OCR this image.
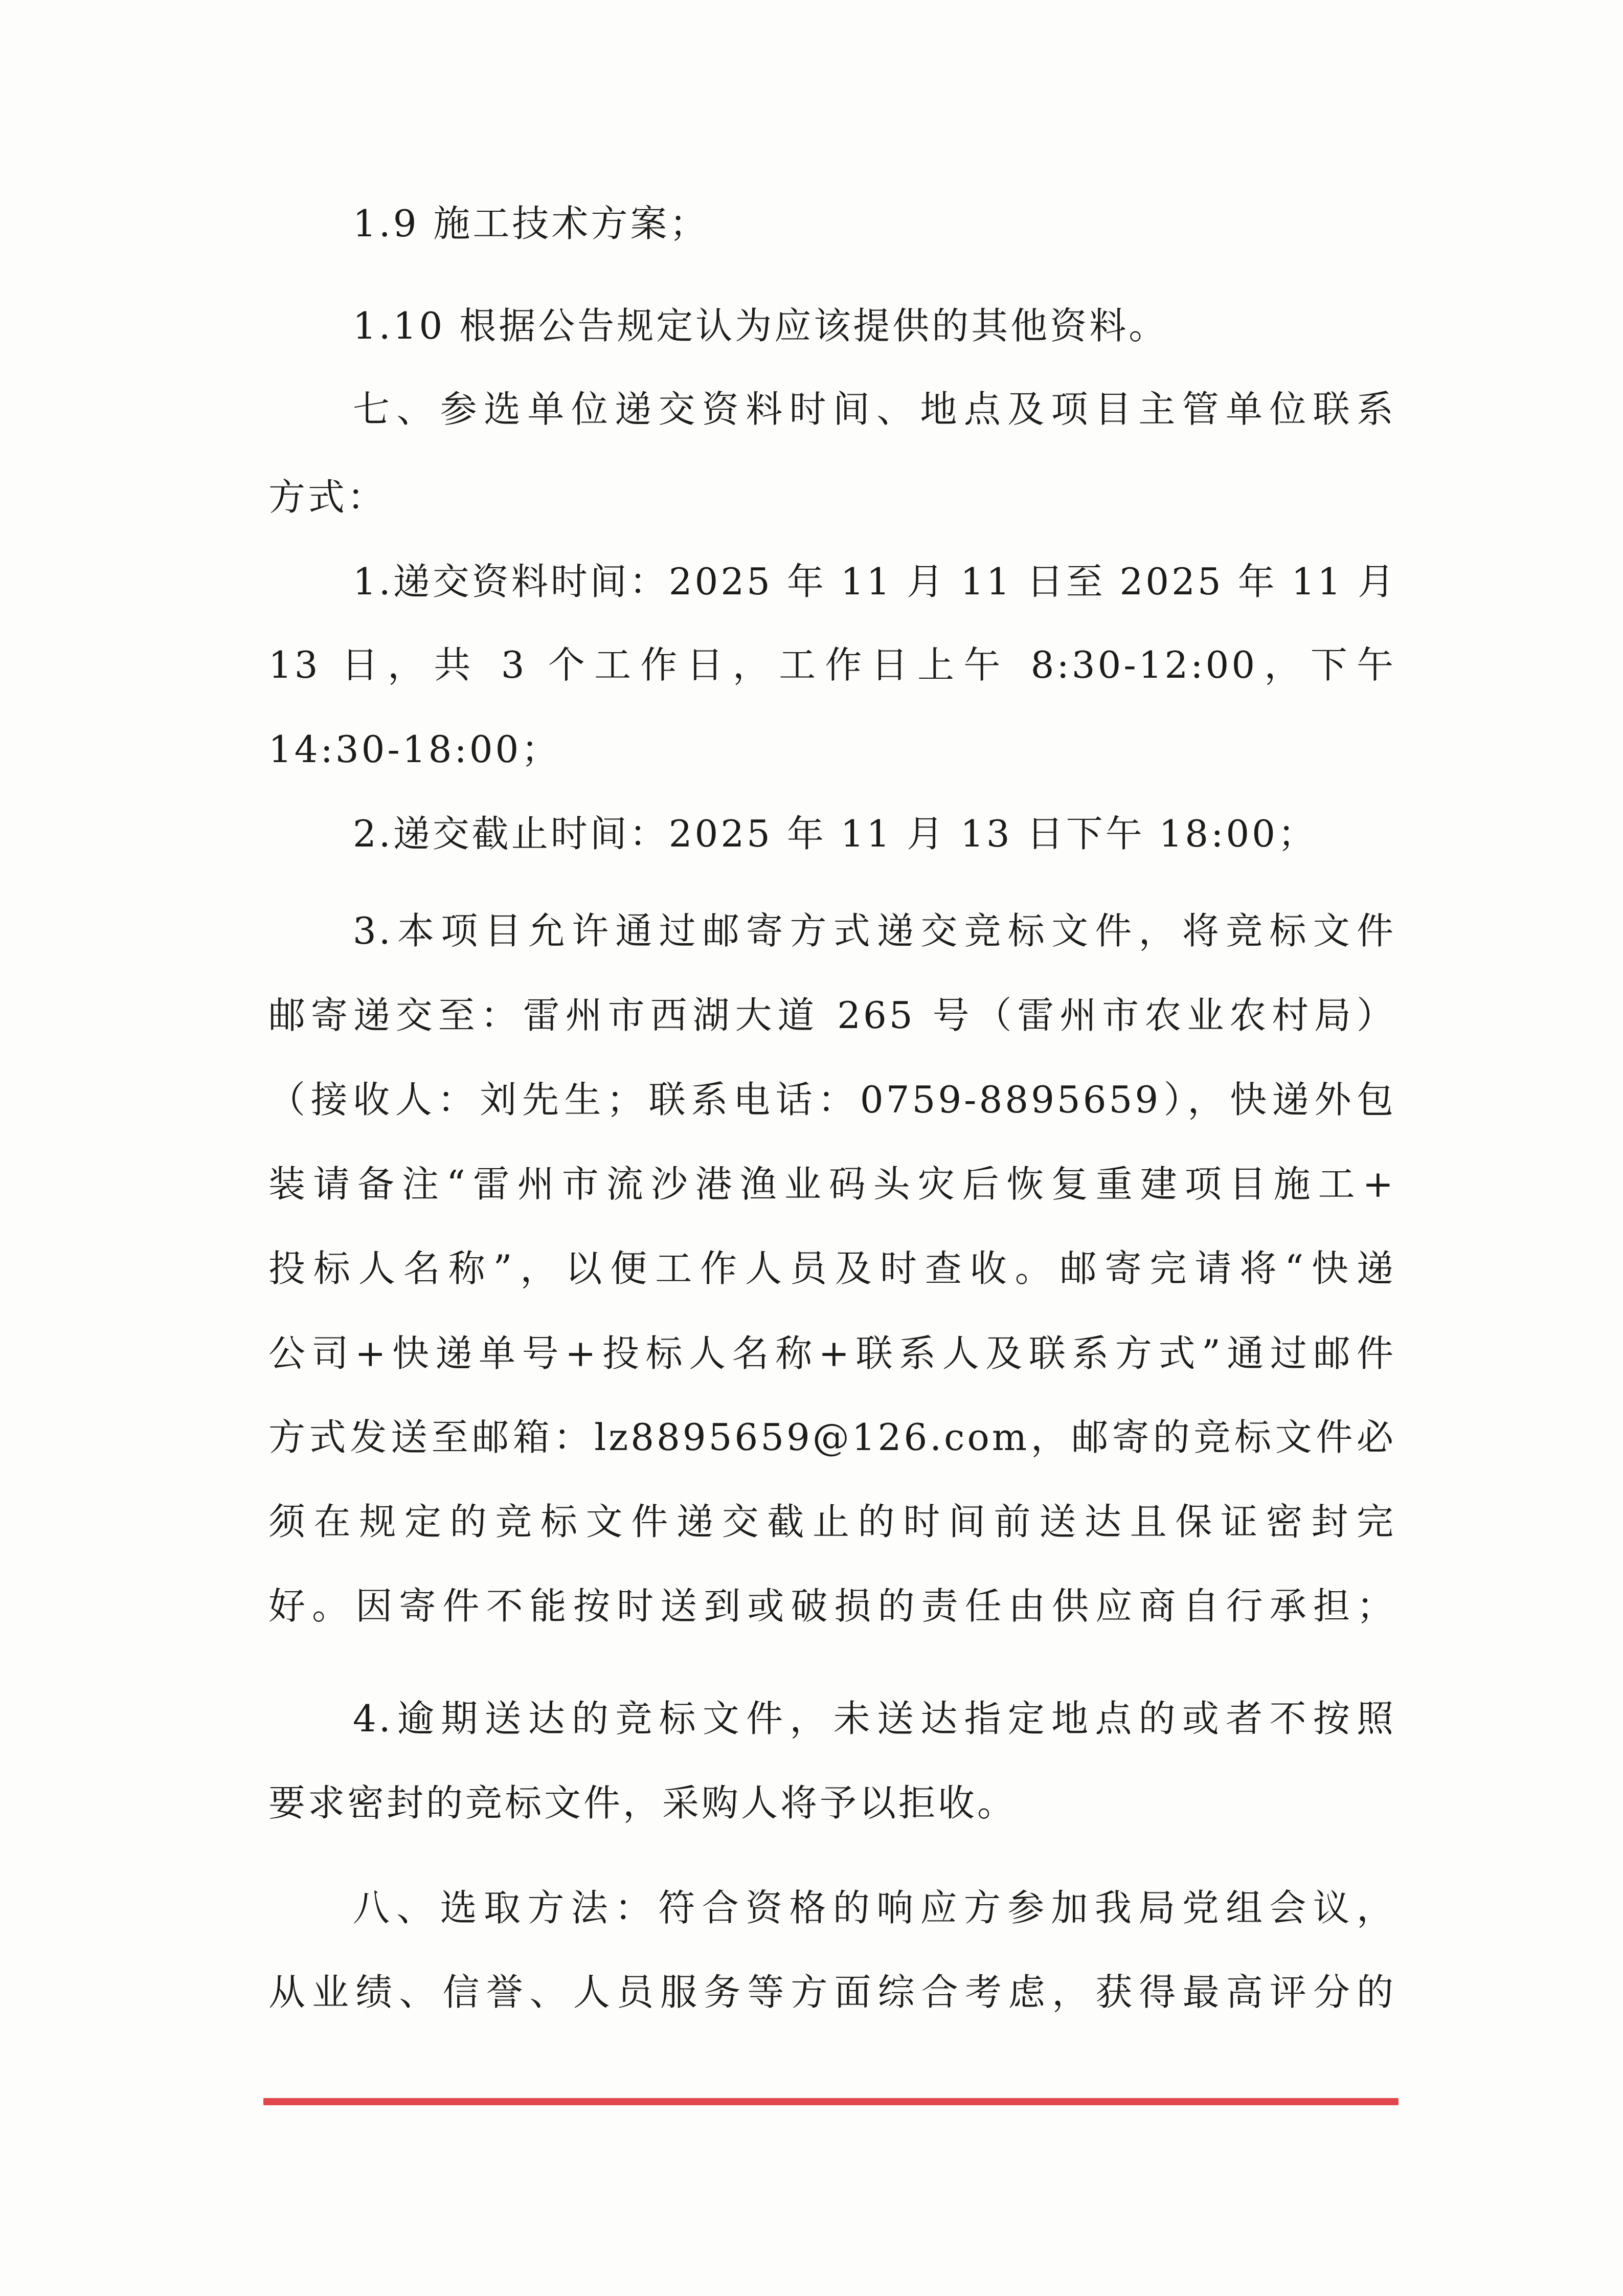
1.9 施工技术方案；
1.10 根据公告规定认为应该提供的其他资料。
七、参选单位递交资料时间、地点及项目主管单位联系
方式：
1.递交资料时间：2025 年 11 月 11 日至 2025 年 11 月
13 日，共 3 个工作日，工作日上午 8:30-12:00，下午
14:30-18:00；
2.递交截止时间：2025 年 11 月 13 日下午 18:00；
3.本项目允许通过邮寄方式递交竞标文件，将竞标文件
邮寄递交至：雷州市西湖大道 265 号（雷州市农业农村局）
（接收人：刘先生；联系电话：0759-8895659），快递外包
装请备注“雷州市流沙港渔业码头灾后恢复重建项目施工+
投标人名称”，以便工作人员及时查收。邮寄完请将“快递
公司+快递单号+投标人名称+联系人及联系方式”通过邮件
方式发送至邮箱：lz8895659@126.com，邮寄的竞标文件必
须在规定的竞标文件递交截止的时间前送达且保证密封完
好。因寄件不能按时送到或破损的责任由供应商自行承担；
4.逾期送达的竞标文件，未送达指定地点的或者不按照
要求密封的竞标文件，采购人将予以拒收。
八、选取方法：符合资格的响应方参加我局党组会议，
从业绩、信誉、人员服务等方面综合考虑，获得最高评分的
